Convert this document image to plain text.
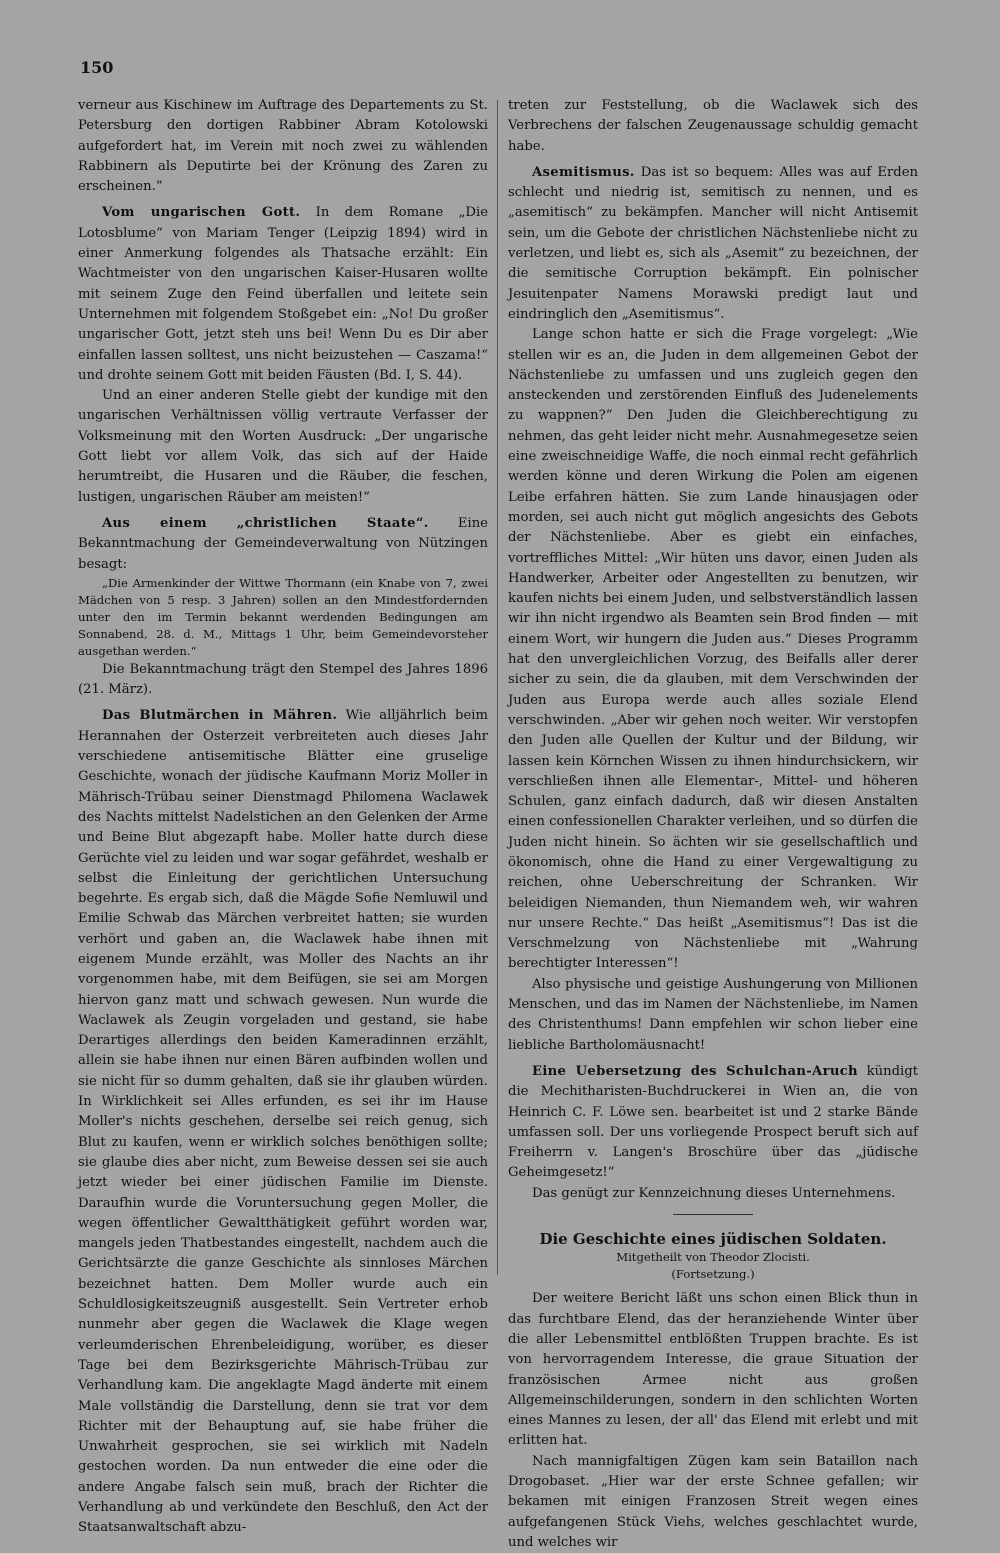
150

verneur aus Kischinew im Auftrage des Departements zu St. Petersburg den dortigen Rabbiner Abram Kotolowski aufgefordert hat, im Verein mit noch zwei zu wählenden Rabbinern als Deputirte bei der Krönung des Zaren zu erscheinen.“

Vom ungarischen Gott. In dem Romane „Die Lotosblume“ von Mariam Tenger (Leipzig 1894) wird in einer Anmerkung folgendes als Thatsache erzählt: Ein Wachtmeister von den ungarischen Kaiser-Husaren wollte mit seinem Zuge den Feind überfallen und leitete sein Unternehmen mit folgendem Stoßgebet ein: „No! Du großer ungarischer Gott, jetzt steh uns bei! Wenn Du es Dir aber einfallen lassen solltest, uns nicht beizustehen — Caszama!“ und drohte seinem Gott mit beiden Fäusten (Bd. I, S. 44).

Und an einer anderen Stelle giebt der kundige mit den ungarischen Verhältnissen völlig vertraute Verfasser der Volksmeinung mit den Worten Ausdruck: „Der ungarische Gott liebt vor allem Volk, das sich auf der Haide herumtreibt, die Husaren und die Räuber, die feschen, lustigen, ungarischen Räuber am meisten!“

Aus einem „christlichen Staate“. Eine Bekanntmachung der Gemeindeverwaltung von Nützingen besagt:

„Die Armenkinder der Wittwe Thormann (ein Knabe von 7, zwei Mädchen von 5 resp. 3 Jahren) sollen an den Mindestfordernden unter den im Termin bekannt werdenden Bedingungen am Sonnabend, 28. d. M., Mittags 1 Uhr, beim Gemeindevorsteher ausgethan werden.“

Die Bekanntmachung trägt den Stempel des Jahres 1896 (21. März).

Das Blutmärchen in Mähren. Wie alljährlich beim Herannahen der Osterzeit verbreiteten auch dieses Jahr verschiedene antisemitische Blätter eine gruselige Geschichte, wonach der jüdische Kaufmann Moriz Moller in Mährisch-Trübau seiner Dienstmagd Philomena Waclawek des Nachts mittelst Nadelstichen an den Gelenken der Arme und Beine Blut abgezapft habe. Moller hatte durch diese Gerüchte viel zu leiden und war sogar gefährdet, weshalb er selbst die Einleitung der gerichtlichen Untersuchung begehrte. Es ergab sich, daß die Mägde Sofie Nemluwil und Emilie Schwab das Märchen verbreitet hatten; sie wurden verhört und gaben an, die Waclawek habe ihnen mit eigenem Munde erzählt, was Moller des Nachts an ihr vorgenommen habe, mit dem Beifügen, sie sei am Morgen hiervon ganz matt und schwach gewesen. Nun wurde die Waclawek als Zeugin vorgeladen und gestand, sie habe Derartiges allerdings den beiden Kameradinnen erzählt, allein sie habe ihnen nur einen Bären aufbinden wollen und sie nicht für so dumm gehalten, daß sie ihr glauben würden. In Wirklichkeit sei Alles erfunden, es sei ihr im Hause Moller's nichts geschehen, derselbe sei reich genug, sich Blut zu kaufen, wenn er wirklich solches benöthigen sollte; sie glaube dies aber nicht, zum Beweise dessen sei sie auch jetzt wieder bei einer jüdischen Familie im Dienste. Daraufhin wurde die Voruntersuchung gegen Moller, die wegen öffentlicher Gewaltthätigkeit geführt worden war, mangels jeden Thatbestandes eingestellt, nachdem auch die Gerichtsärzte die ganze Geschichte als sinnloses Märchen bezeichnet hatten. Dem Moller wurde auch ein Schuldlosigkeitszeugniß ausgestellt. Sein Vertreter erhob nunmehr aber gegen die Waclawek die Klage wegen verleumderischen Ehrenbeleidigung, worüber, es dieser Tage bei dem Bezirksgerichte Mährisch-Trübau zur Verhandlung kam. Die angeklagte Magd änderte mit einem Male vollständig die Darstellung, denn sie trat vor dem Richter mit der Behauptung auf, sie habe früher die Unwahrheit gesprochen, sie sei wirklich mit Nadeln gestochen worden. Da nun entweder die eine oder die andere Angabe falsch sein muß, brach der Richter die Verhandlung ab und verkündete den Beschluß, den Act der Staatsanwaltschaft abzu-

treten zur Feststellung, ob die Waclawek sich des Verbrechens der falschen Zeugenaussage schuldig gemacht habe.

Asemitismus. Das ist so bequem: Alles was auf Erden schlecht und niedrig ist, semitisch zu nennen, und es „asemitisch“ zu bekämpfen. Mancher will nicht Antisemit sein, um die Gebote der christlichen Nächstenliebe nicht zu verletzen, und liebt es, sich als „Asemit“ zu bezeichnen, der die semitische Corruption bekämpft. Ein polnischer Jesuitenpater Namens Morawski predigt laut und eindringlich den „Asemitismus“.

Lange schon hatte er sich die Frage vorgelegt: „Wie stellen wir es an, die Juden in dem allgemeinen Gebot der Nächstenliebe zu umfassen und uns zugleich gegen den ansteckenden und zerstörenden Einfluß des Judenelements zu wappnen?“ Den Juden die Gleichberechtigung zu nehmen, das geht leider nicht mehr. Ausnahmegesetze seien eine zweischneidige Waffe, die noch einmal recht gefährlich werden könne und deren Wirkung die Polen am eigenen Leibe erfahren hätten. Sie zum Lande hinausjagen oder morden, sei auch nicht gut möglich angesichts des Gebots der Nächstenliebe. Aber es giebt ein einfaches, vortreffliches Mittel: „Wir hüten uns davor, einen Juden als Handwerker, Arbeiter oder Angestellten zu benutzen, wir kaufen nichts bei einem Juden, und selbstverständlich lassen wir ihn nicht irgendwo als Beamten sein Brod finden — mit einem Wort, wir hungern die Juden aus.“ Dieses Programm hat den unvergleichlichen Vorzug, des Beifalls aller derer sicher zu sein, die da glauben, mit dem Verschwinden der Juden aus Europa werde auch alles soziale Elend verschwinden. „Aber wir gehen noch weiter. Wir verstopfen den Juden alle Quellen der Kultur und der Bildung, wir lassen kein Körnchen Wissen zu ihnen hindurchsickern, wir verschließen ihnen alle Elementar-, Mittel- und höheren Schulen, ganz einfach dadurch, daß wir diesen Anstalten einen confessionellen Charakter verleihen, und so dürfen die Juden nicht hinein. So ächten wir sie gesellschaftlich und ökonomisch, ohne die Hand zu einer Vergewaltigung zu reichen, ohne Ueberschreitung der Schranken. Wir beleidigen Niemanden, thun Niemandem weh, wir wahren nur unsere Rechte.“ Das heißt „Asemitismus“! Das ist die Verschmelzung von Nächstenliebe mit „Wahrung berechtigter Interessen“!

Also physische und geistige Aushungerung von Millionen Menschen, und das im Namen der Nächstenliebe, im Namen des Christenthums! Dann empfehlen wir schon lieber eine liebliche Bartholomäusnacht!

Eine Uebersetzung des Schulchan-Aruch kündigt die Mechitharisten-Buchdruckerei in Wien an, die von Heinrich C. F. Löwe sen. bearbeitet ist und 2 starke Bände umfassen soll. Der uns vorliegende Prospect beruft sich auf Freiherrn v. Langen's Broschüre über das „jüdische Geheimgesetz!“

Das genügt zur Kennzeichnung dieses Unternehmens.

Die Geschichte eines jüdischen Soldaten.

Mitgetheilt von Theodor Zlocisti.

(Fortsetzung.)

Der weitere Bericht läßt uns schon einen Blick thun in das furchtbare Elend, das der heranziehende Winter über die aller Lebensmittel entblößten Truppen brachte. Es ist von hervorragendem Interesse, die graue Situation der französischen Armee nicht aus großen Allgemeinschilderungen, sondern in den schlichten Worten eines Mannes zu lesen, der all' das Elend mit erlebt und mit erlitten hat.

Nach mannigfaltigen Zügen kam sein Bataillon nach Drogobaset. „Hier war der erste Schnee gefallen; wir bekamen mit einigen Franzosen Streit wegen eines aufgefangenen Stück Viehs, welches geschlachtet wurde, und welches wir
